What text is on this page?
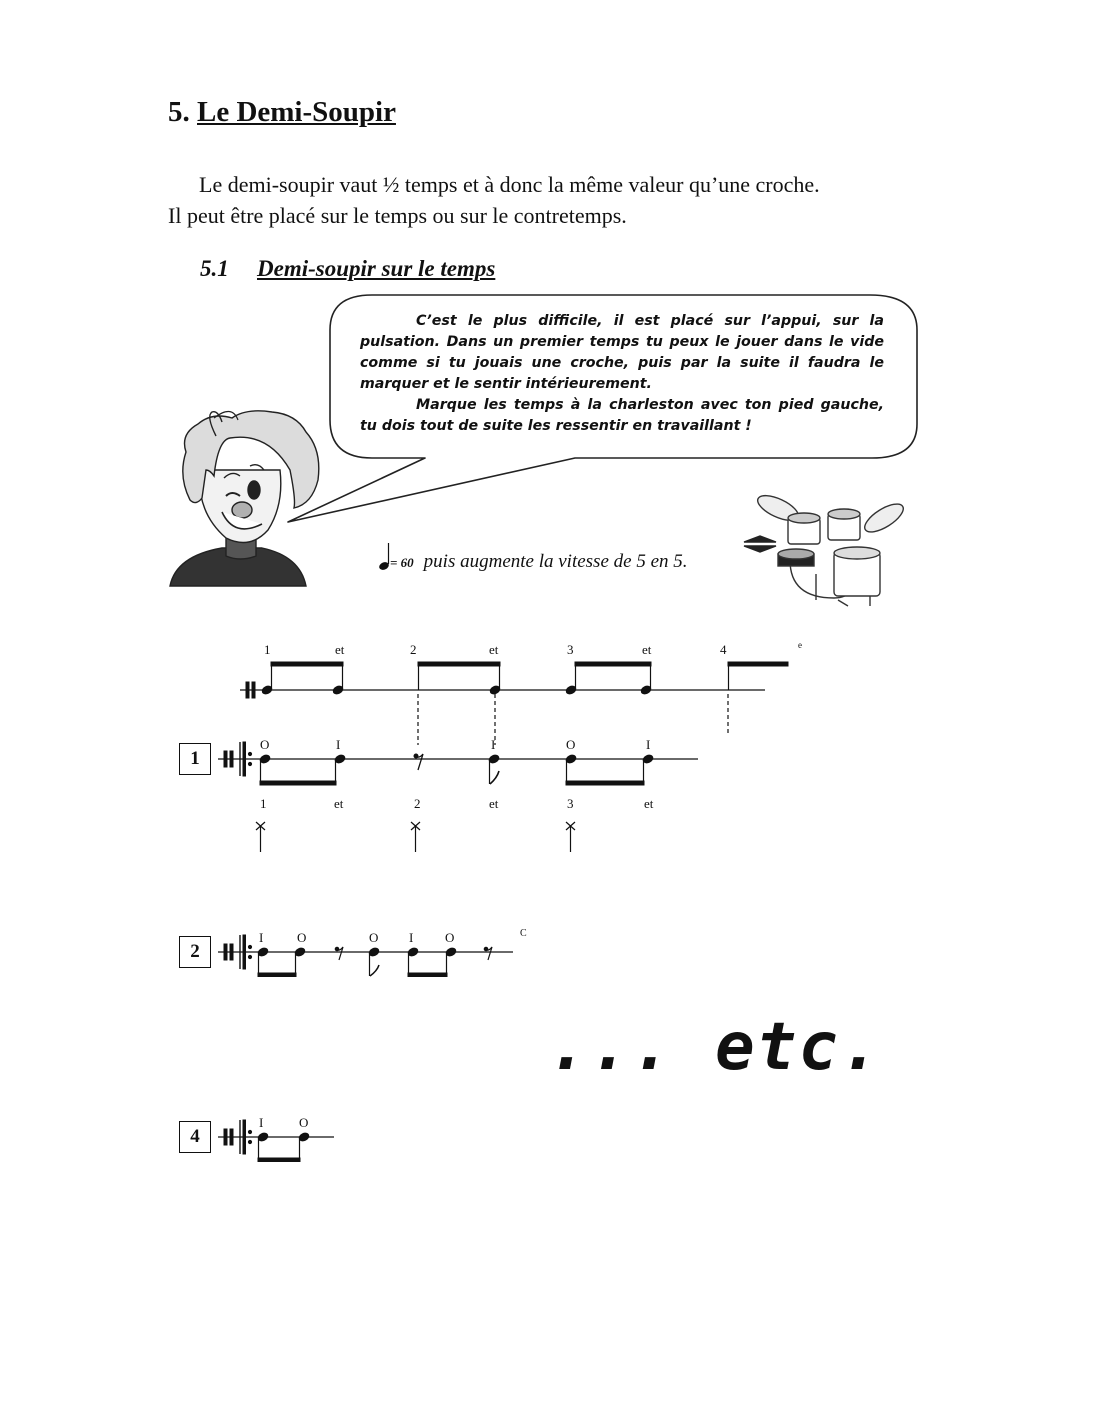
5. Le Demi-Soupir

Le demi-soupir vaut ½ temps et à donc la même valeur qu’une croche.

Il peut être placé sur le temps ou sur le contretemps.

5.1 Demi-soupir sur le temps

C’est le plus difficile, il est placé sur l’appui, sur la pulsation. Dans un premier temps tu peux le jouer dans le vide comme si tu jouais une croche, puis par la suite il faudra le marquer et le sentir intérieurement.

Marque les temps à la charleston avec ton pied gauche, tu dois tout de suite les ressentir en travaillant !

= 60 puis augmente la vitesse de 5 en 5.
1	et	2	et	3	et	4	e
1
O	I	I	O	I
1	et	2	et	3	et
2
I	O	O I O	C
... etc.
4
I	O
